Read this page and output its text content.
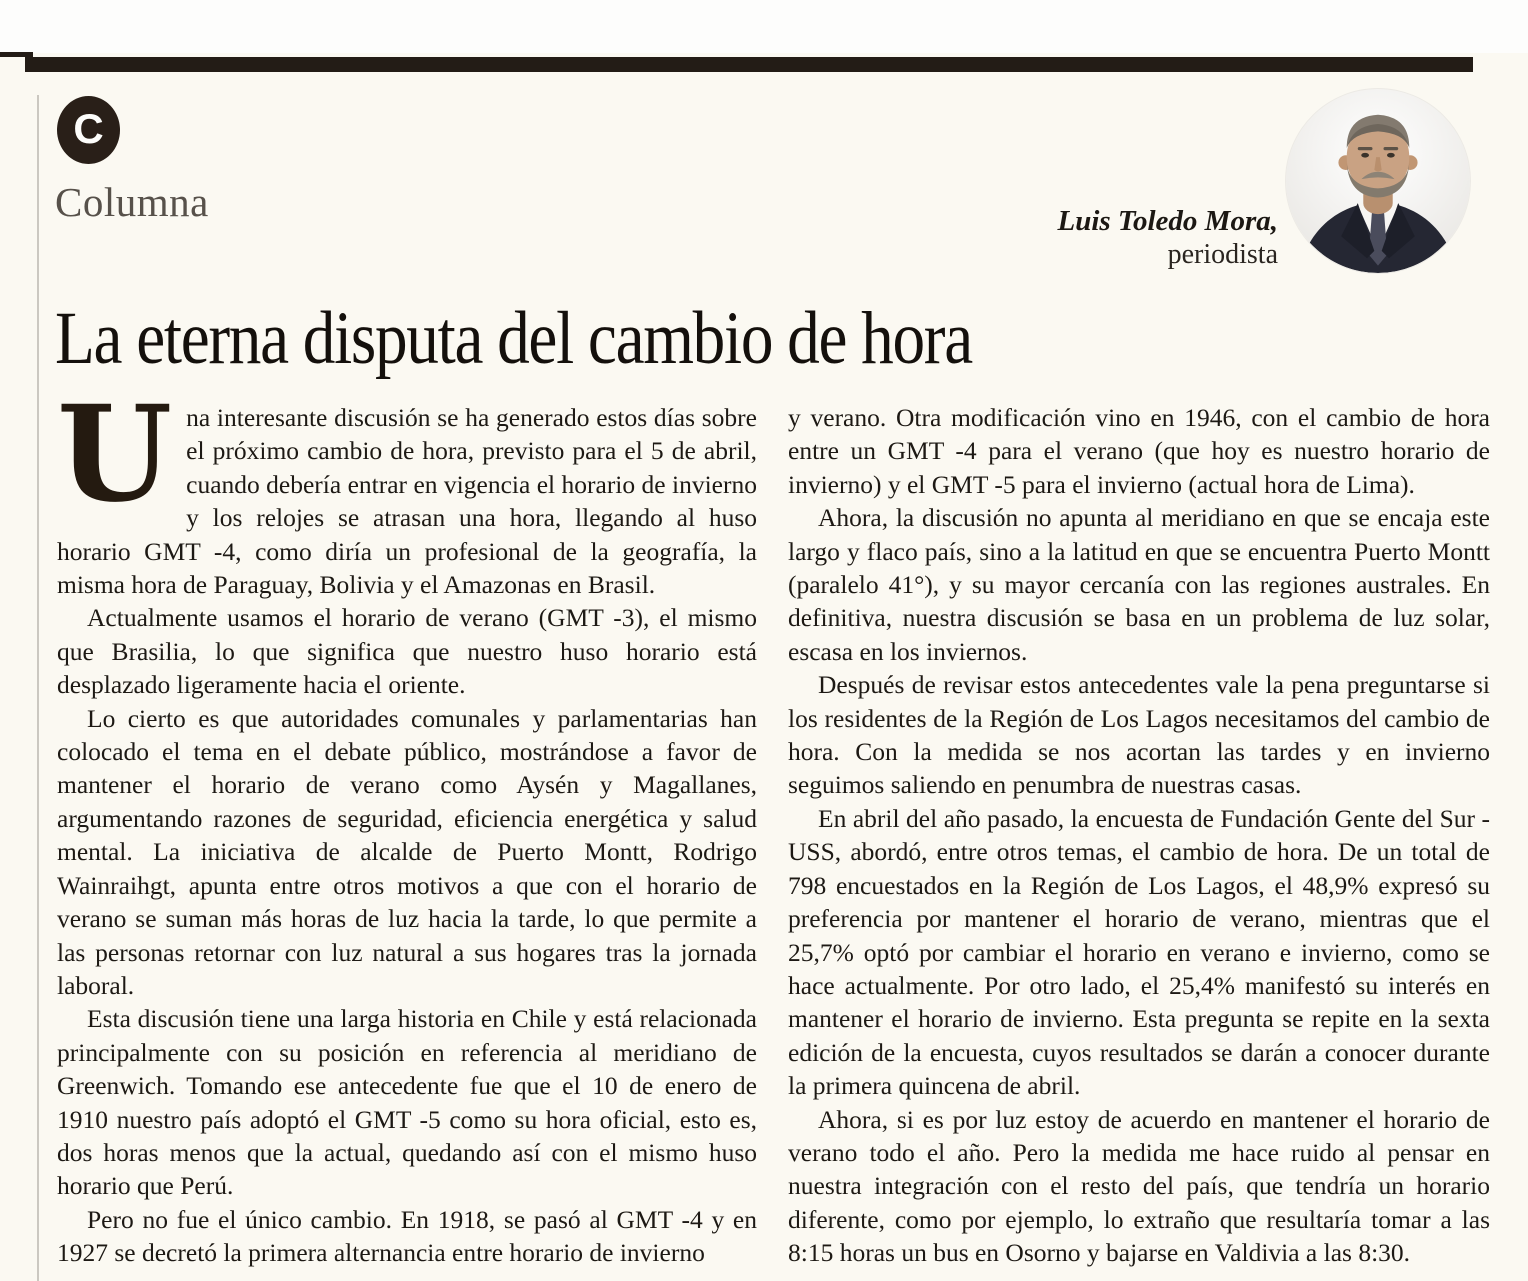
C
Columna	Luis Toledo Mora,
periodista
La eterna disputa del cambio de hora

Una interesante discusión se ha generado estos días sobre el próximo cambio de hora, previsto para el 5 de abril, cuando debería entrar en vigencia el horario de invierno y los relojes se atrasan una hora, llegando al huso horario GMT -4, como diría un profesional de la geografía, la misma hora de Paraguay, Bolivia y el Amazonas en Brasil.

Actualmente usamos el horario de verano (GMT -3), el mismo que Brasilia, lo que significa que nuestro huso horario está desplazado ligeramente hacia el oriente.

Lo cierto es que autoridades comunales y parlamentarias han colocado el tema en el debate público, mostrándose a favor de mantener el horario de verano como Aysén y Magallanes, argumentando razones de seguridad, eficiencia energética y salud mental. La iniciativa de alcalde de Puerto Montt, Rodrigo Wainraihgt, apunta entre otros motivos a que con el horario de verano se suman más horas de luz hacia la tarde, lo que permite a las personas retornar con luz natural a sus hogares tras la jornada laboral.

Esta discusión tiene una larga historia en Chile y está relacionada principalmente con su posición en referencia al meridiano de Greenwich. Tomando ese antecedente fue que el 10 de enero de 1910 nuestro país adoptó el GMT -5 como su hora oficial, esto es, dos horas menos que la actual, quedando así con el mismo huso horario que Perú.

Pero no fue el único cambio. En 1918, se pasó al GMT -4 y en 1927 se decretó la primera alternancia entre horario de invierno

y verano. Otra modificación vino en 1946, con el cambio de hora entre un GMT -4 para el verano (que hoy es nuestro horario de invierno) y el GMT -5 para el invierno (actual hora de Lima).

Ahora, la discusión no apunta al meridiano en que se encaja este largo y flaco país, sino a la latitud en que se encuentra Puerto Montt (paralelo 41°), y su mayor cercanía con las regiones australes. En definitiva, nuestra discusión se basa en un problema de luz solar, escasa en los inviernos.

Después de revisar estos antecedentes vale la pena preguntarse si los residentes de la Región de Los Lagos necesitamos del cambio de hora. Con la medida se nos acortan las tardes y en invierno seguimos saliendo en penumbra de nuestras casas.

En abril del año pasado, la encuesta de Fundación Gente del Sur - USS, abordó, entre otros temas, el cambio de hora. De un total de 798 encuestados en la Región de Los Lagos, el 48,9% expresó su preferencia por mantener el horario de verano, mientras que el 25,7% optó por cambiar el horario en verano e invierno, como se hace actualmente. Por otro lado, el 25,4% manifestó su interés en mantener el horario de invierno. Esta pregunta se repite en la sexta edición de la encuesta, cuyos resultados se darán a conocer durante la primera quincena de abril.

Ahora, si es por luz estoy de acuerdo en mantener el horario de verano todo el año. Pero la medida me hace ruido al pensar en nuestra integración con el resto del país, que tendría un horario diferente, como por ejemplo, lo extraño que resultaría tomar a las 8:15 horas un bus en Osorno y bajarse en Valdivia a las 8:30.
